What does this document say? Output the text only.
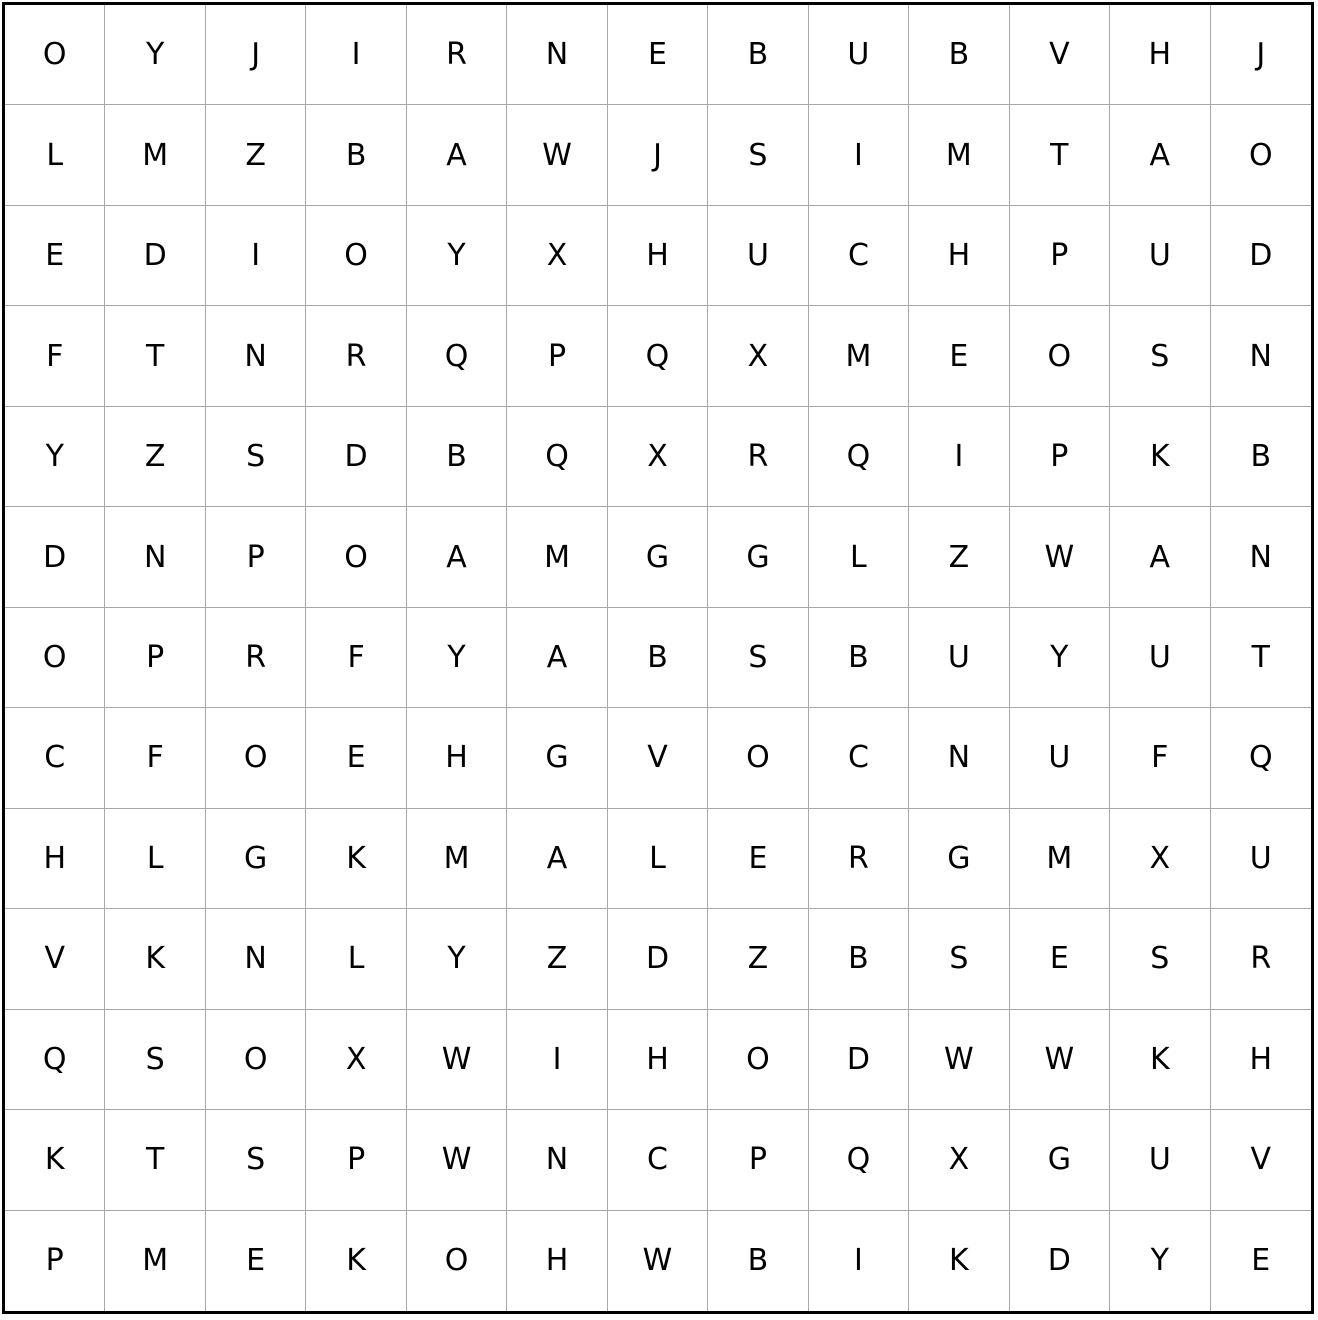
O	Y	J	I	R	N	E	B	U	B	V	H	J
L	M	Z	B	A	W	J	S	I	M	T	A	O
E	D	I	O	Y	X	H	U	C	H	P	U	D
F	T	N	R	Q	P	Q	X	M	E	O	S	N
Y	Z	S	D	B	Q	X	R	Q	I	P	K	B
D	N	P	O	A	M	G	G	L	Z	W	A	N
O	P	R	F	Y	A	B	S	B	U	Y	U	T
C	F	O	E	H	G	V	O	C	N	U	F	Q
H	L	G	K	M	A	L	E	R	G	M	X	U
V	K	N	L	Y	Z	D	Z	B	S	E	S	R
Q	S	O	X	W	I	H	O	D	W	W	K	H
K	T	S	P	W	N	C	P	Q	X	G	U	V
P	M	E	K	O	H	W	B	I	K	D	Y	E
